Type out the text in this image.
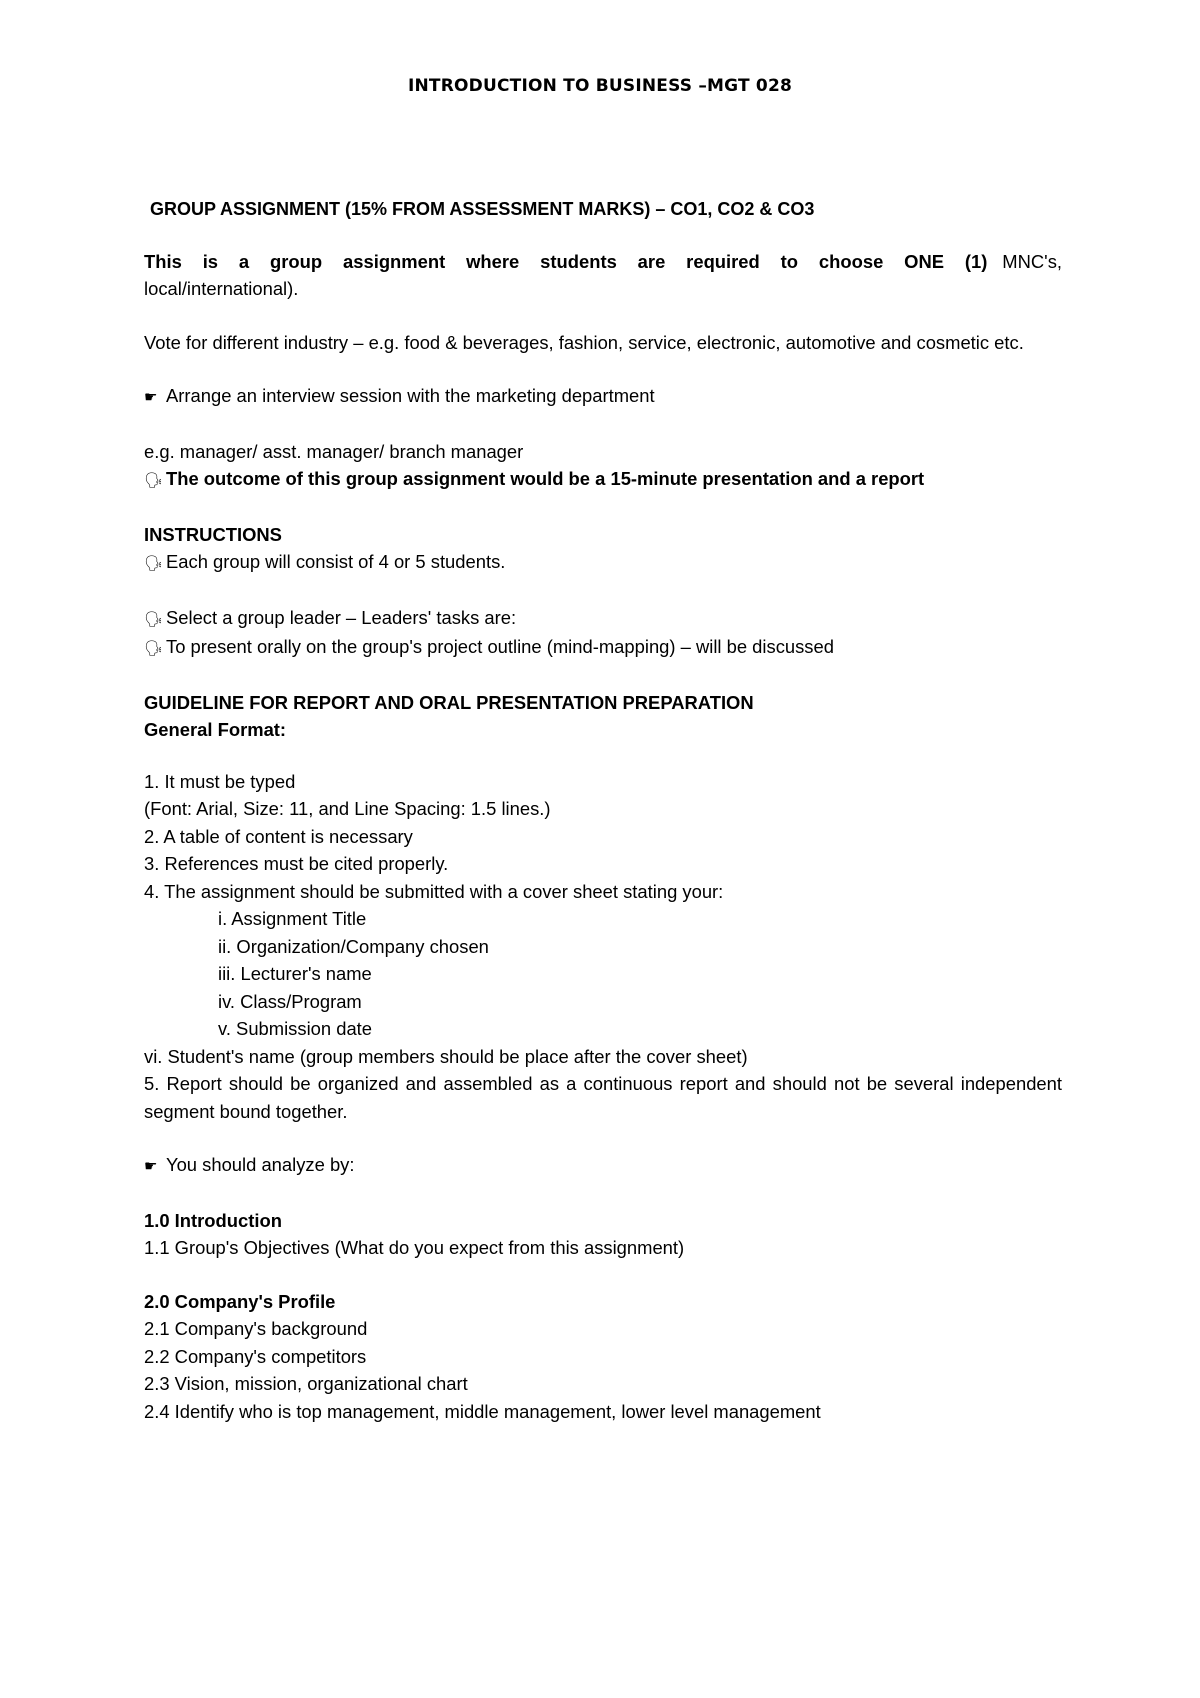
INTRODUCTION TO BUSINESS –MGT 028

GROUP ASSIGNMENT (15% FROM ASSESSMENT MARKS) – CO1, CO2 & CO3

This is a group assignment where students are required to choose ONE (1) MNC's, local/international).

Vote for different industry – e.g. food & beverages, fashion, service, electronic, automotive and cosmetic etc.

☛ Arrange an interview session with the marketing department

e.g. manager/ asst. manager/ branch manager

🗣 The outcome of this group assignment would be a 15-minute presentation and a report

INSTRUCTIONS

🗣 Each group will consist of 4 or 5 students.

🗣 Select a group leader – Leaders' tasks are:

🗣 To present orally on the group's project outline (mind-mapping) – will be discussed

GUIDELINE FOR REPORT AND ORAL PRESENTATION PREPARATION

General Format:

1. It must be typed

(Font: Arial, Size: 11, and Line Spacing: 1.5 lines.)

2. A table of content is necessary

3. References must be cited properly.

4. The assignment should be submitted with a cover sheet stating your:

i. Assignment Title

ii. Organization/Company chosen

iii. Lecturer's name

iv. Class/Program

v. Submission date

vi. Student's name (group members should be place after the cover sheet)

5. Report should be organized and assembled as a continuous report and should not be several independent segment bound together.

☛ You should analyze by:

1.0 Introduction

1.1 Group's Objectives (What do you expect from this assignment)

2.0 Company's Profile

2.1 Company's background

2.2 Company's competitors

2.3 Vision, mission, organizational chart

2.4 Identify who is top management, middle management, lower level management
